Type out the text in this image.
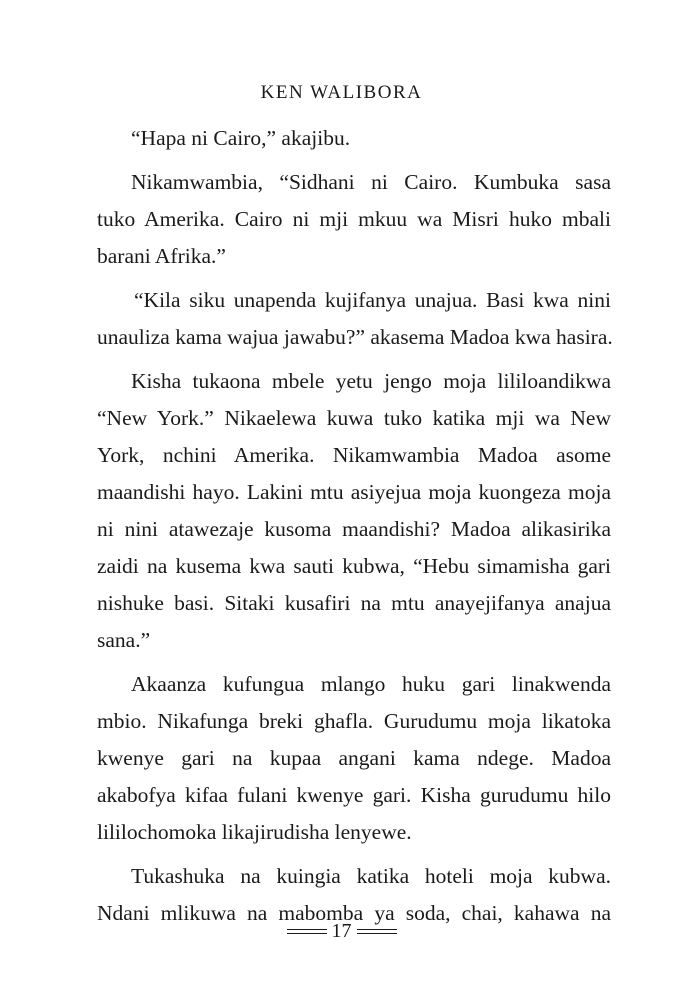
KEN WALIBORA
“Hapa ni Cairo,” akajibu.
Nikamwambia, “Sidhani ni Cairo. Kumbuka sasa
tuko Amerika. Cairo ni mji mkuu wa Misri huko mbali
barani Afrika.”
“Kila siku unapenda kujifanya unajua. Basi kwa nini
unauliza kama wajua jawabu?” akasema Madoa kwa hasira.
Kisha tukaona mbele yetu jengo moja lililoandikwa
“New York.” Nikaelewa kuwa tuko katika mji wa New
York, nchini Amerika. Nikamwambia Madoa asome
maandishi hayo. Lakini mtu asiyejua moja kuongeza moja
ni nini atawezaje kusoma maandishi? Madoa alikasirika
zaidi na kusema kwa sauti kubwa, “Hebu simamisha gari
nishuke basi. Sitaki kusafiri na mtu anayejifanya anajua
sana.”
Akaanza kufungua mlango huku gari linakwenda
mbio. Nikafunga breki ghafla. Gurudumu moja likatoka
kwenye gari na kupaa angani kama ndege. Madoa
akabofya kifaa fulani kwenye gari. Kisha gurudumu hilo
lililochomoka likajirudisha lenyewe.
Tukashuka na kuingia katika hoteli moja kubwa.
Ndani mlikuwa na mabomba ya soda, chai, kahawa na
17
